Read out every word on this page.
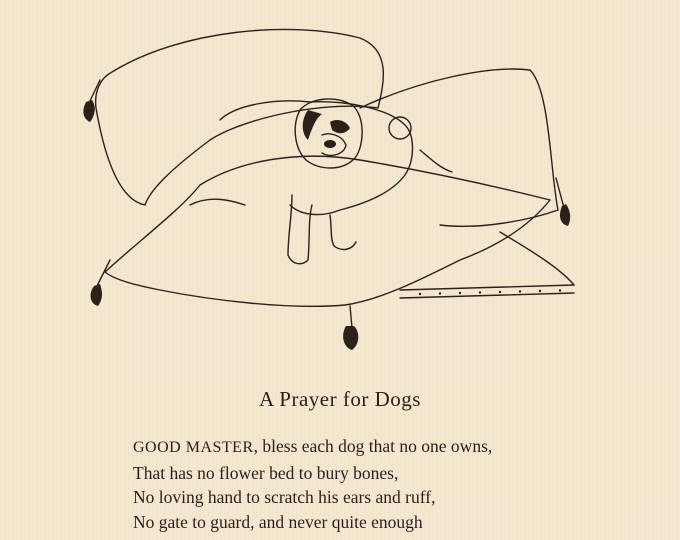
A Prayer for Dogs
GOOD MASTER, bless each dog that no one owns,
That has no flower bed to bury bones,
No loving hand to scratch his ears and ruff,
No gate to guard, and never quite enough
